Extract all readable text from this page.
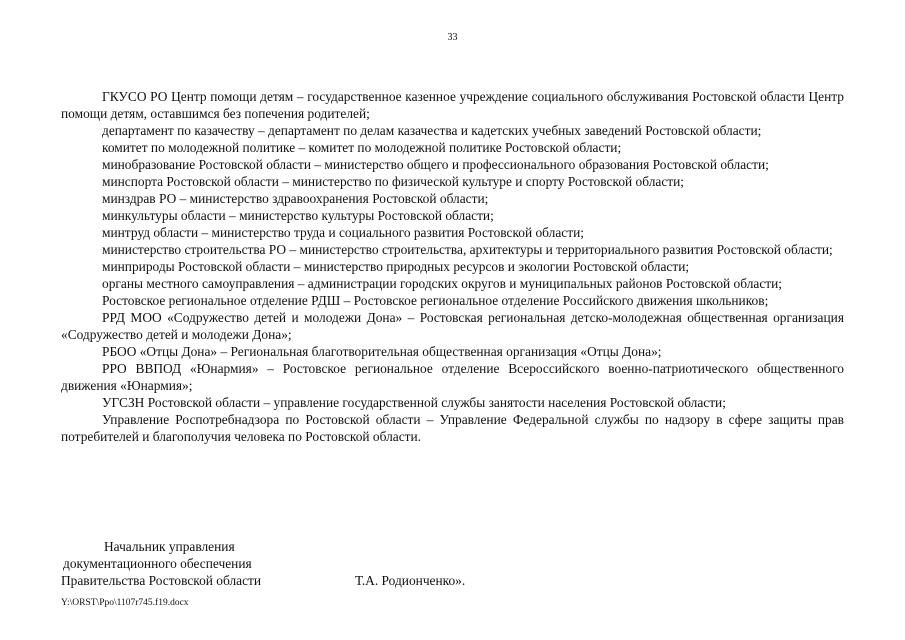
33

ГКУСО РО Центр помощи детям – государственное казенное учреждение социального обслуживания Ростовской области Центр помощи детям, оставшимся без попечения родителей;

департамент по казачеству – департамент по делам казачества и кадетских учебных заведений Ростовской области;

комитет по молодежной политике – комитет по молодежной политике Ростовской области;

минобразование Ростовской области – министерство общего и профессионального образования Ростовской области;

минспорта Ростовской области – министерство по физической культуре и спорту Ростовской области;

минздрав РО – министерство здравоохранения Ростовской области;

минкультуры области – министерство культуры Ростовской области;

минтруд области – министерство труда и социального развития Ростовской области;

министерство строительства РО – министерство строительства, архитектуры и территориального развития Ростовской области;

минприроды Ростовской области – министерство природных ресурсов и экологии Ростовской области;

органы местного самоуправления – администрации городских округов и муниципальных районов Ростовской области;

Ростовское региональное отделение РДШ – Ростовское региональное отделение Российского движения школьников;

РРД МОО «Содружество детей и молодежи Дона» – Ростовская региональная детско-молодежная общественная организация «Содружество детей и молодежи Дона»;

РБОО «Отцы Дона» – Региональная благотворительная общественная организация «Отцы Дона»;

РРО ВВПОД «Юнармия» – Ростовское региональное отделение Всероссийского военно-патриотического общественного движения «Юнармия»;

УГСЗН Ростовской области – управление государственной службы занятости населения Ростовской области;

Управление Роспотребнадзора по Ростовской области – Управление Федеральной службы по надзору в сфере защиты прав потребителей и благополучия человека по Ростовской области.

Начальник управления
документационного обеспечения
Правительства Ростовской области	Т.А. Родионченко».
Y:\ORST\Ppo\1107r745.f19.docx
